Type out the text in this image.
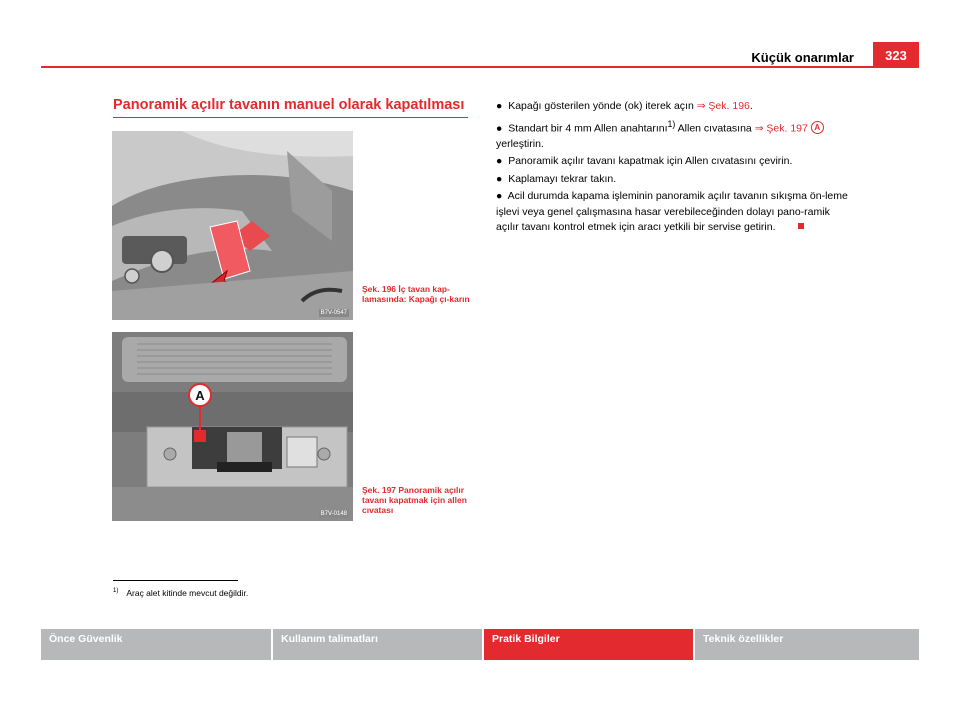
Küçük onarımlar	323
Panoramik açılır tavanın manuel olarak kapatılması
B7V-0547
Şek. 196 İç tavan kap-lamasında: Kapağı çı-karın
A
B7V-0148
Şek. 197 Panoramik açılır tavanı kapatmak için allen cıvatası

●  Kapağı gösterilen yönde (ok) iterek açın ⇒ Şek. 196.

●  Standart bir 4 mm Allen anahtarını$^{1)}$ Allen cıvatasına ⇒ Şek. 197 A
yerleştirin.

●  Panoramik açılır tavanı kapatmak için Allen cıvatasını çevirin.

●  Kaplamayı tekrar takın.

●  Acil durumda kapama işleminin panoramik açılır tavanın sıkışma ön-leme işlevi veya genel çalışmasına hasar verebileceğinden dolayı pano-ramik açılır tavanı kontrol etmek için aracı yetkili bir servise getirin.

$^{1)}$ Araç alet kitinde mevcut değildir.
Önce Güvenlik	Kullanım talimatları	Pratik Bilgiler	Teknik özellikler
